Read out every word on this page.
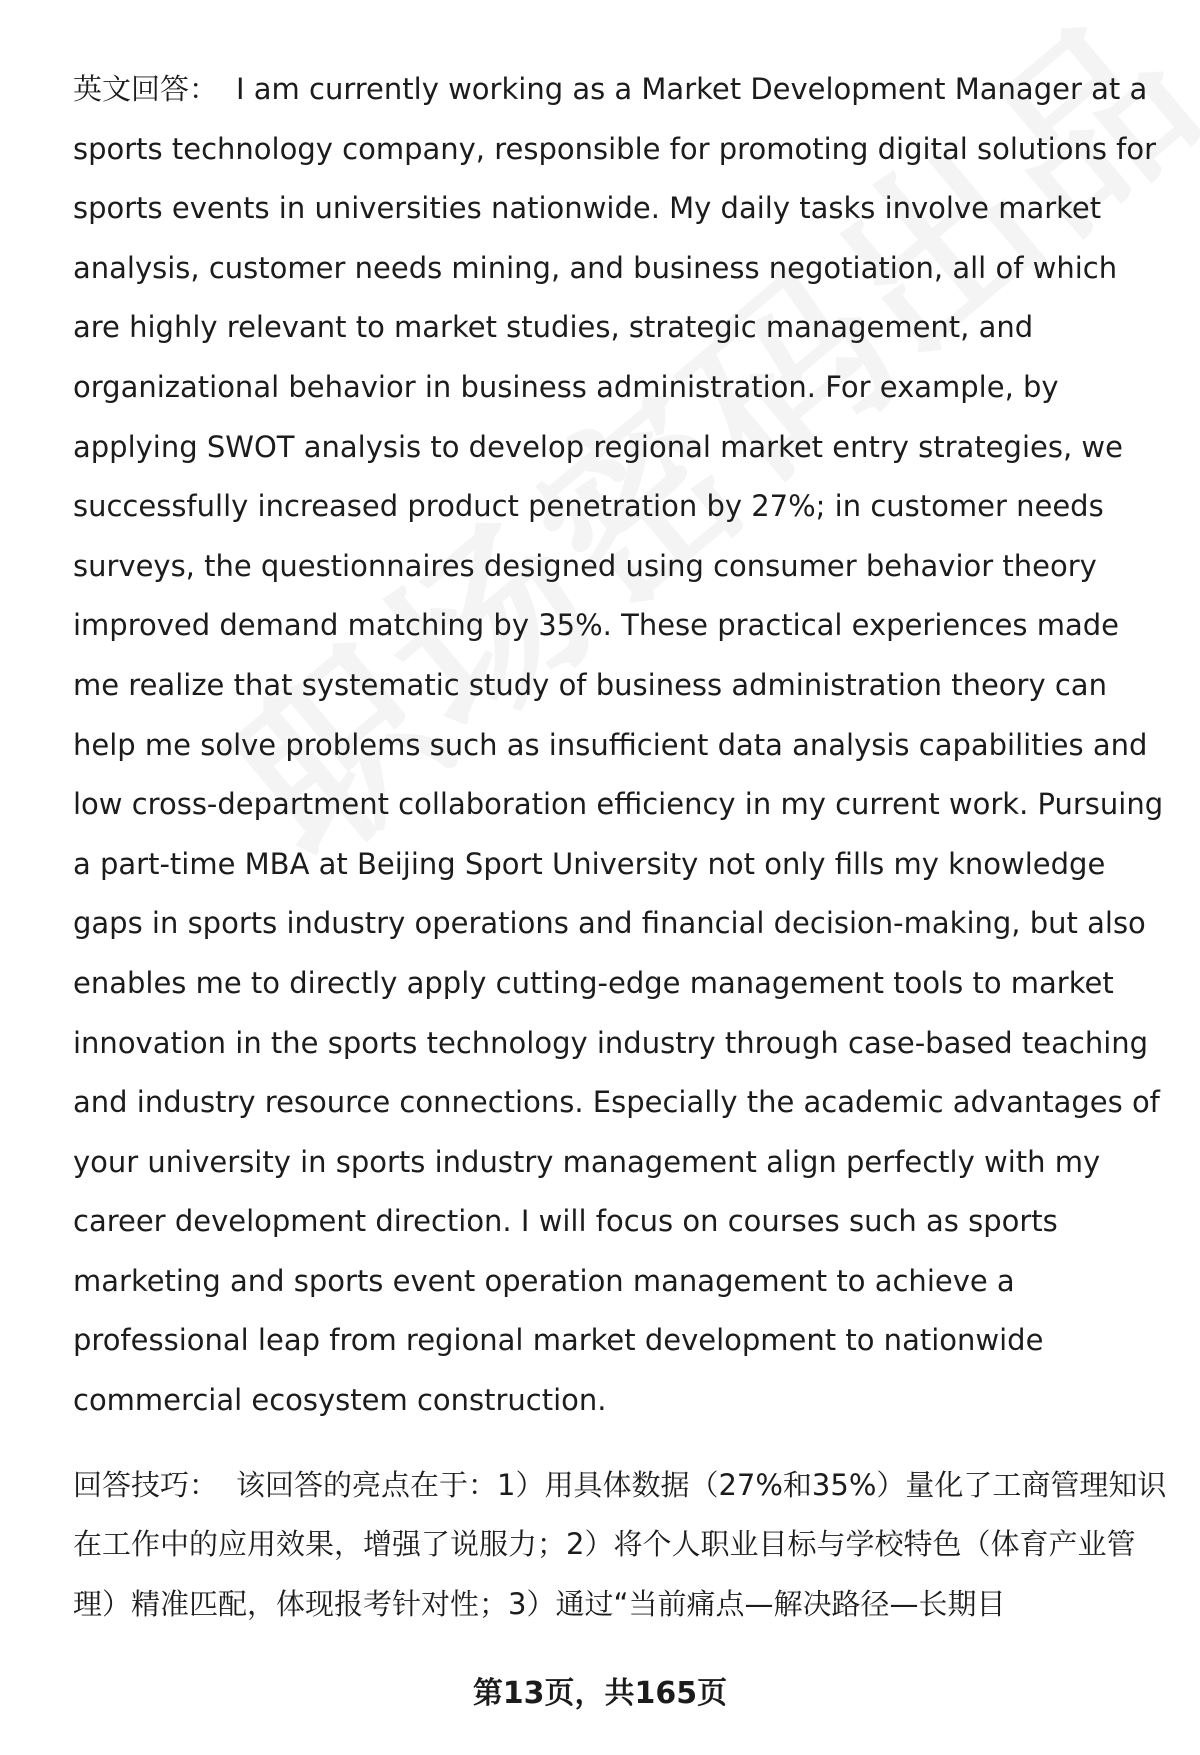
英文回答： I am currently working as a Market Development Manager at a sports technology company, responsible for promoting digital solutions for sports events in universities nationwide. My daily tasks involve market analysis, customer needs mining, and business negotiation, all of which are highly relevant to market studies, strategic management, and organizational behavior in business administration. For example, by applying SWOT analysis to develop regional market entry strategies, we successfully increased product penetration by 27%; in customer needs surveys, the questionnaires designed using consumer behavior theory improved demand matching by 35%. These practical experiences made me realize that systematic study of business administration theory can help me solve problems such as insufficient data analysis capabilities and low cross-department collaboration efficiency in my current work. Pursuing a part-time MBA at Beijing Sport University not only fills my knowledge gaps in sports industry operations and financial decision-making, but also enables me to directly apply cutting-edge management tools to market innovation in the sports technology industry through case-based teaching and industry resource connections. Especially the academic advantages of your university in sports industry management align perfectly with my career development direction. I will focus on courses such as sports marketing and sports event operation management to achieve a professional leap from regional market development to nationwide commercial ecosystem construction.

回答技巧： 该回答的亮点在于：1）用具体数据（27%和35%）量化了工商管理知识在工作中的应用效果，增强了说服力；2）将个人职业目标与学校特色（体育产业管理）精准匹配，体现报考针对性；3）通过“当前痛点—解决路径—长期目

第13页，共165页
